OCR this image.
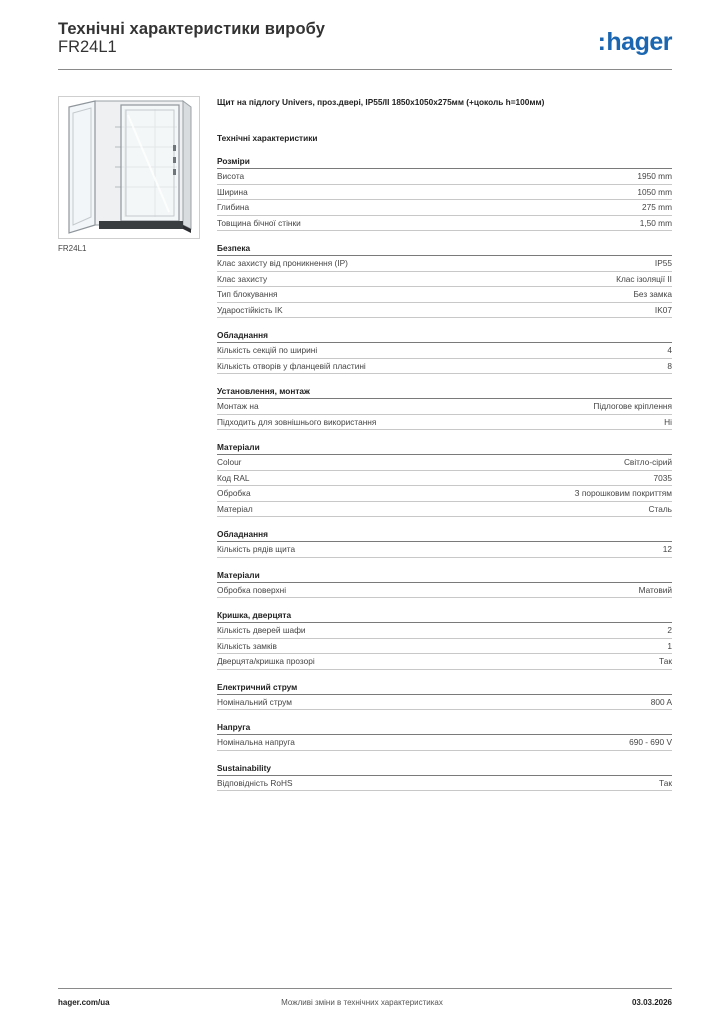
Технічні характеристики виробу
FR24L1	:hager
FR24L1
Щит на підлогу Univers, проз.двері, IP55/II 1850x1050x275мм (+цоколь h=100мм)
Технічні характеристики
Розміри
Висота	1950 mm
Ширина	1050 mm
Глибина	275 mm
Товщина бічної стінки	1,50 mm
Безпека
Клас захисту від проникнення (IP)	IP55
Клас захисту	Клас ізоляції II
Тип блокування	Без замка
Ударостійкість IK	IK07
Обладнання
Кількість секцій по ширині	4
Кількість отворів у фланцевій пластині	8
Установлення, монтаж
Монтаж на	Підлогове кріплення
Підходить для зовнішнього використання	Ні
Матеріали
Colour	Світло-сірий
Код RAL	7035
Обробка	З порошковим покриттям
Матеріал	Сталь
Обладнання
Кількість рядів щита	12
Матеріали
Обробка поверхні	Матовий
Кришка, дверцята
Кількість дверей шафи	2
Кількість замків	1
Дверцята/кришка прозорі	Так
Електричний струм
Номінальний струм	800 A
Напруга
Номінальна напруга	690 - 690 V
Sustainability
Відповідність RoHS	Так
hager.com/ua	Можливі зміни в технічних характеристиках	03.03.2026
